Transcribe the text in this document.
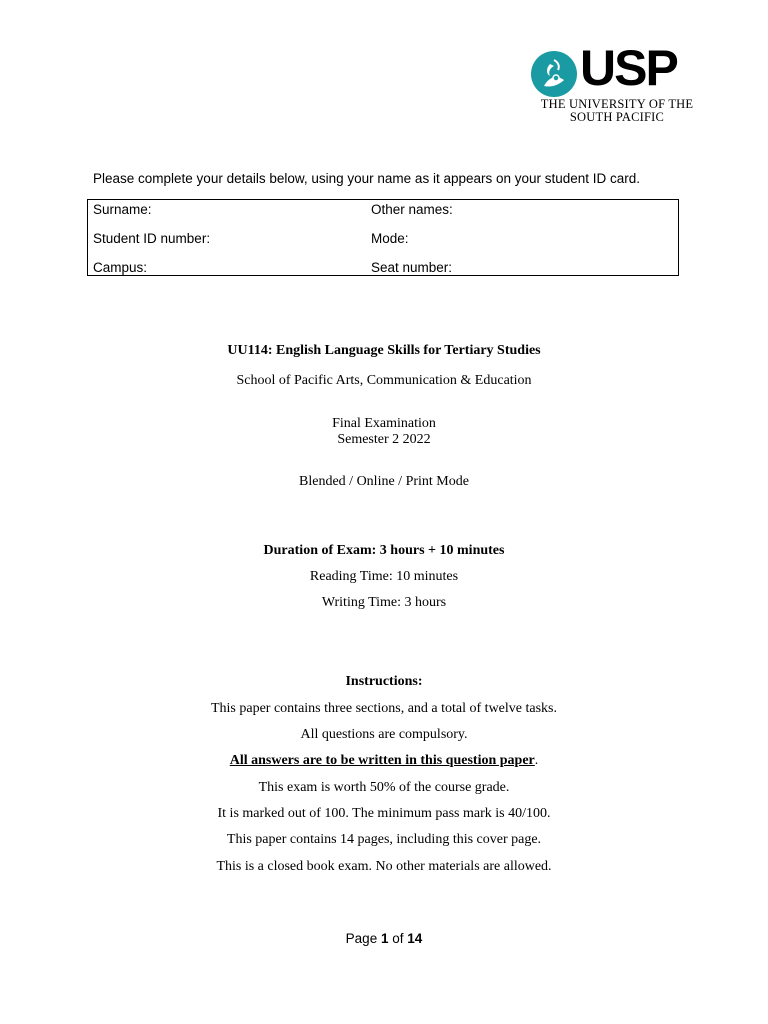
USP
THE UNIVERSITY OF THE
SOUTH PACIFIC
Please complete your details below, using your name as it appears on your student ID card.
Surname:	Other names:
Student ID number:	Mode:
Campus:	Seat number:
UU114: English Language Skills for Tertiary Studies
School of Pacific Arts, Communication & Education
Final Examination
Semester 2 2022
Blended / Online / Print Mode
Duration of Exam: 3 hours + 10 minutes
Reading Time: 10 minutes
Writing Time: 3 hours
Instructions:
This paper contains three sections, and a total of twelve tasks.
All questions are compulsory.
All answers are to be written in this question paper.
This exam is worth 50% of the course grade.
It is marked out of 100. The minimum pass mark is 40/100.
This paper contains 14 pages, including this cover page.
This is a closed book exam. No other materials are allowed.
Page 1 of 14
